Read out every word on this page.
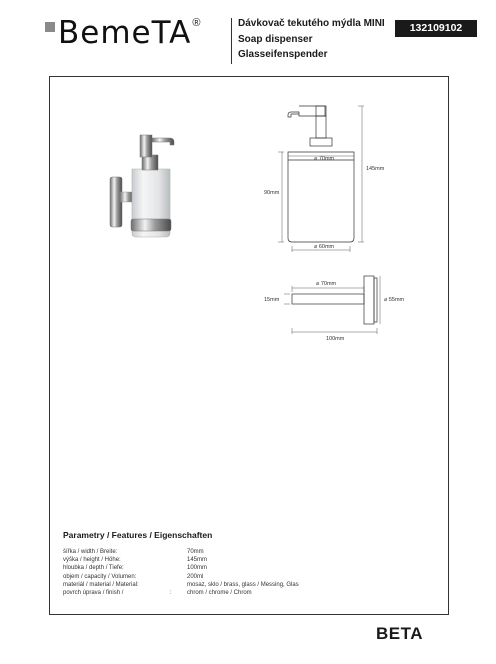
BemeTA ®	Dávkovač tekutého mýdla MINI
Soap dispenser
Glasseifenspender
132109102
⌀ 70mm
145mm
90mm
⌀ 60mm
⌀ 70mm
15mm	⌀ 55mm
100mm
Parametry / Features / Eigenschaften
šířka / width / Breite:	70mm
výška / height / Höhe:	145mm
hloubka / depth / Tiefe:	100mm
objem / capacity / Volumen:	200ml
materiál / material / Material:	mosaz, sklo / brass, glass / Messing, Glas
povrch úprava / finish /	:	chrom / chrome / Chrom
BETA
